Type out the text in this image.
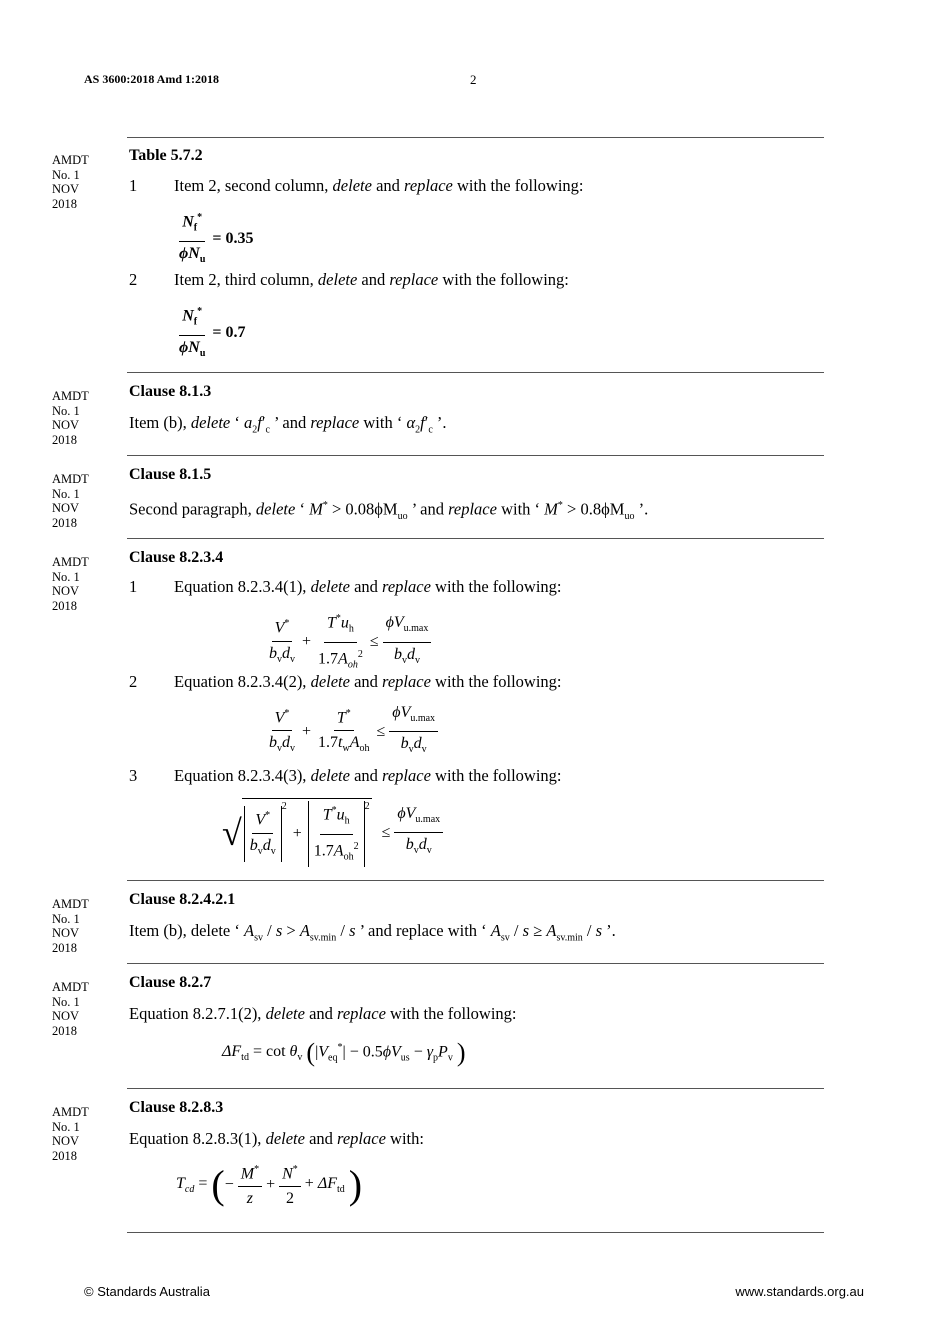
AS 3600:2018 Amd 1:2018	2
AMDT
No. 1
NOV
2018
AMDT
No. 1
NOV
2018
AMDT
No. 1
NOV
2018
AMDT
No. 1
NOV
2018
AMDT
No. 1
NOV
2018
AMDT
No. 1
NOV
2018
AMDT
No. 1
NOV
2018
Table 5.7.2
1 Item 2, second column, delete and replace with the following:
$\frac{N_f^*}{\phi N_u} = 0.35$
2 Item 2, third column, delete and replace with the following:
$\frac{N_f^*}{\phi N_u} = 0.7$
Clause 8.1.3
Item (b), delete ‘ $a_2f'_c$ ’ and replace with ‘ $\alpha_2f'_c$ ’.
Clause 8.1.5
Second paragraph, delete ‘ $M^* > 0.08\phi M_{uo}$ ’ and replace with ‘ $M^* > 0.8\phi M_{uo}$ ’.
Clause 8.2.3.4
1 Equation 8.2.3.4(1), delete and replace with the following:
$\frac{V^*}{b_vd_v} + \frac{T^*u_h}{1.7A_{oh}^2} \le \frac{\phi V_{u.max}}{b_vd_v}$
2 Equation 8.2.3.4(2), delete and replace with the following:
$\frac{V^*}{b_vd_v} + \frac{T^*}{1.7t_wA_{oh}} \le \frac{\phi V_{u.max}}{b_vd_v}$
3 Equation 8.2.3.4(3), delete and replace with the following:
√ $\frac{V^*}{b_vd_v} ^2$
+ $\frac{T^*u_h}{1.7A_{oh}^2} ^2$
≤ $\frac{\phi V_{u.max}}{b_vd_v}$
Clause 8.2.4.2.1
Item (b), delete ‘ $A_{sv} / s > A_{sv.min} / s$ ’ and replace with ‘ $A_{sv} / s \ge A_{sv.min} / s$ ’.
Clause 8.2.7
Equation 8.2.7.1(2), delete and replace with the following:
$\Delta F_{td} = \cot \theta_v$ ( $|V_{eq}^*| - 0.5\phi V_{us} - \gamma_pP_v$ )
Clause 8.2.8.3
Equation 8.2.8.3(1), delete and replace with:
$T_{cd}$ = ( − $\frac{M^*}{z} + \frac{N^*}{2} + \Delta F_{td}$ )
© Standards Australia	www.standards.org.au
